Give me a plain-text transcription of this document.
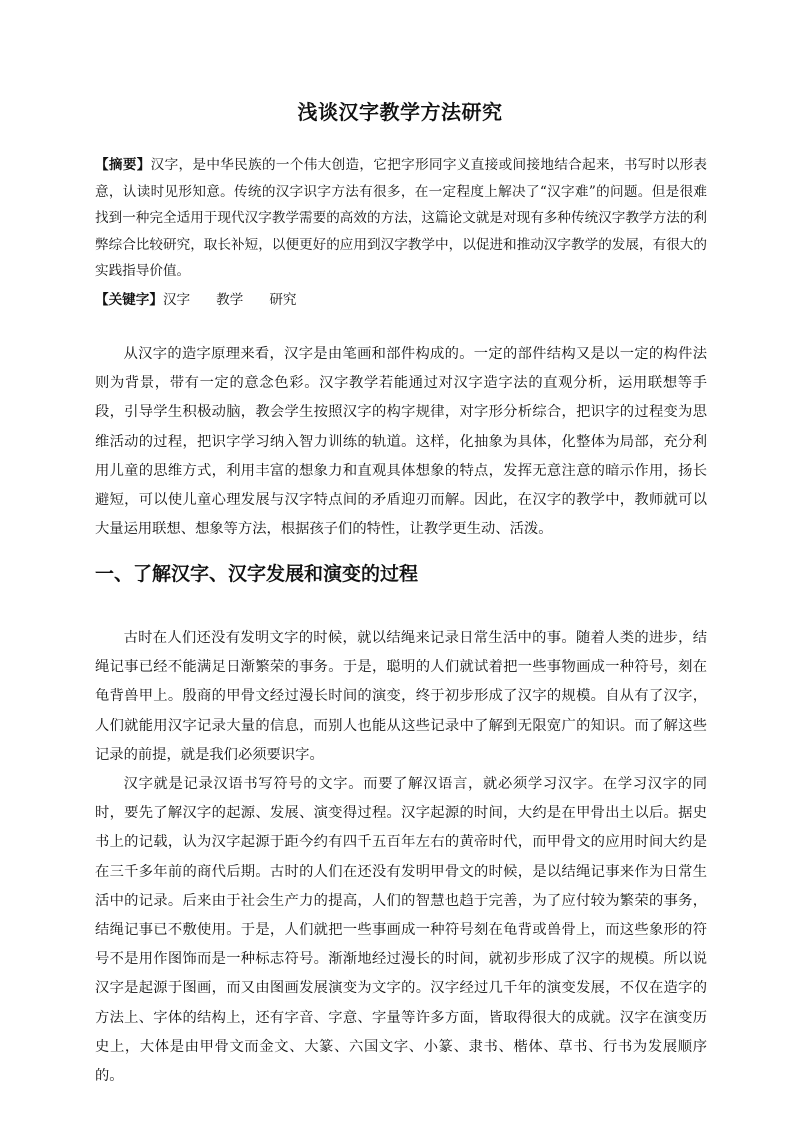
浅谈汉字教学方法研究
【摘要】汉字，是中华民族的一个伟大创造，它把字形同字义直接或间接地结合起来，书写时以形表意，认读时见形知意。传统的汉字识字方法有很多，在一定程度上解决了“汉字难”的问题。但是很难找到一种完全适用于现代汉字教学需要的高效的方法，这篇论文就是对现有多种传统汉字教学方法的利弊综合比较研究，取长补短，以便更好的应用到汉字教学中，以促进和推动汉字教学的发展，有很大的实践指导价值。
【关键字】汉字 教学 研究

从汉字的造字原理来看，汉字是由笔画和部件构成的。一定的部件结构又是以一定的构件法则为背景，带有一定的意念色彩。汉字教学若能通过对汉字造字法的直观分析，运用联想等手段，引导学生积极动脑，教会学生按照汉字的构字规律，对字形分析综合，把识字的过程变为思维活动的过程，把识字学习纳入智力训练的轨道。这样，化抽象为具体，化整体为局部，充分利用儿童的思维方式，利用丰富的想象力和直观具体想象的特点，发挥无意注意的暗示作用，扬长避短，可以使儿童心理发展与汉字特点间的矛盾迎刃而解。因此，在汉字的教学中，教师就可以大量运用联想、想象等方法，根据孩子们的特性，让教学更生动、活泼。

一、了解汉字、汉字发展和演变的过程

古时在人们还没有发明文字的时候，就以结绳来记录日常生活中的事。随着人类的进步，结绳记事已经不能满足日渐繁荣的事务。于是，聪明的人们就试着把一些事物画成一种符号，刻在龟背兽甲上。殷商的甲骨文经过漫长时间的演变，终于初步形成了汉字的规模。自从有了汉字，人们就能用汉字记录大量的信息，而别人也能从这些记录中了解到无限宽广的知识。而了解这些记录的前提，就是我们必须要识字。

汉字就是记录汉语书写符号的文字。而要了解汉语言，就必须学习汉字。在学习汉字的同时，要先了解汉字的起源、发展、演变得过程。汉字起源的时间，大约是在甲骨出土以后。据史书上的记载，认为汉字起源于距今约有四千五百年左右的黄帝时代，而甲骨文的应用时间大约是在三千多年前的商代后期。古时的人们在还没有发明甲骨文的时候，是以结绳记事来作为日常生活中的记录。后来由于社会生产力的提高，人们的智慧也趋于完善，为了应付较为繁荣的事务，结绳记事已不敷使用。于是，人们就把一些事画成一种符号刻在龟背或兽骨上，而这些象形的符号不是用作图饰而是一种标志符号。渐渐地经过漫长的时间，就初步形成了汉字的规模。所以说汉字是起源于图画，而又由图画发展演变为文字的。汉字经过几千年的演变发展，不仅在造字的方法上、字体的结构上，还有字音、字意、字量等许多方面，皆取得很大的成就。汉字在演变历史上，大体是由甲骨文而金文、大篆、六国文字、小篆、隶书、楷体、草书、行书为发展顺序的。
